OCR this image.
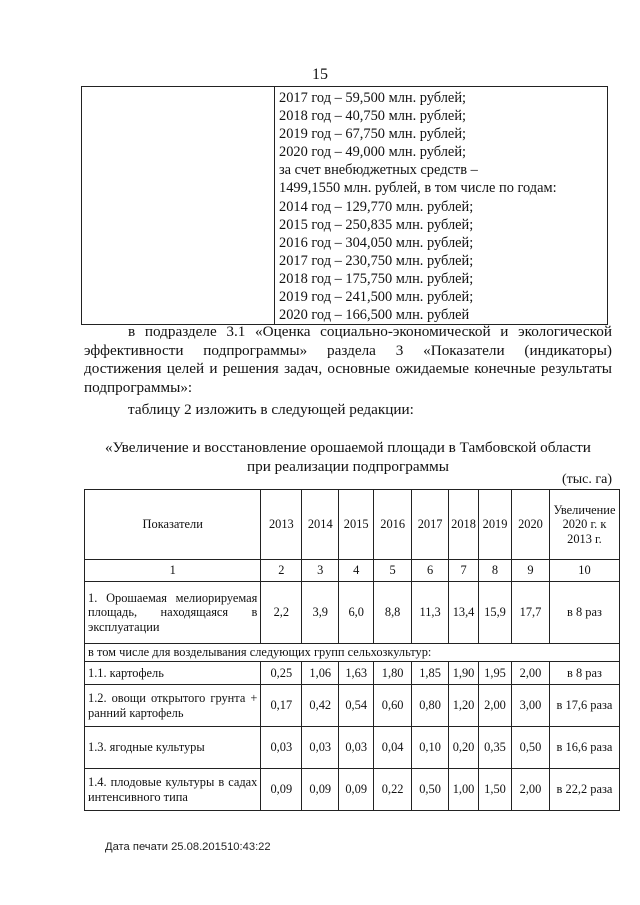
15

2017 год – 59,500 млн. рублей;
2018 год – 40,750 млн. рублей;
2019 год – 67,750 млн. рублей;
2020 год – 49,000 млн. рублей;
за счет внебюджетных средств –
1499,1550 млн. рублей, в том числе по годам:
2014 год – 129,770 млн. рублей;
2015 год – 250,835 млн. рублей;
2016 год – 304,050 млн. рублей;
2017 год – 230,750 млн. рублей;
2018 год – 175,750 млн. рублей;
2019 год – 241,500 млн. рублей;
2020 год – 166,500 млн. рублей
в подразделе 3.1 «Оценка социально-экономической и экологической эффективности подпрограммы» раздела 3 «Показатели (индикаторы) достижения целей и решения задач, основные ожидаемые конечные результаты подпрограммы»:
таблицу 2 изложить в следующей редакции:
«Увеличение и восстановление орошаемой площади в Тамбовской области
при реализации подпрограммы
(тыс. га)
Показатели	2013	2014	2015	2016	2017	2018	2019	2020	Увеличение 2020 г. к 2013 г.
1	2	3	4	5	6	7	8	9	10
1. Орошаемая мелиорируемая площадь, находящаяся в эксплуатации	2,2	3,9	6,0	8,8	11,3	13,4	15,9	17,7	в 8 раз
в том числе для возделывания следующих групп сельхозкультур:									
1.1. картофель	0,25	1,06	1,63	1,80	1,85	1,90	1,95	2,00	в 8 раз
1.2. овощи открытого грунта + ранний картофель	0,17	0,42	0,54	0,60	0,80	1,20	2,00	3,00	в 17,6 раза
1.3. ягодные культуры	0,03	0,03	0,03	0,04	0,10	0,20	0,35	0,50	в 16,6 раза
1.4. плодовые культуры в садах интенсивного типа	0,09	0,09	0,09	0,22	0,50	1,00	1,50	2,00	в 22,2 раза
Дата печати 25.08.201510:43:22
